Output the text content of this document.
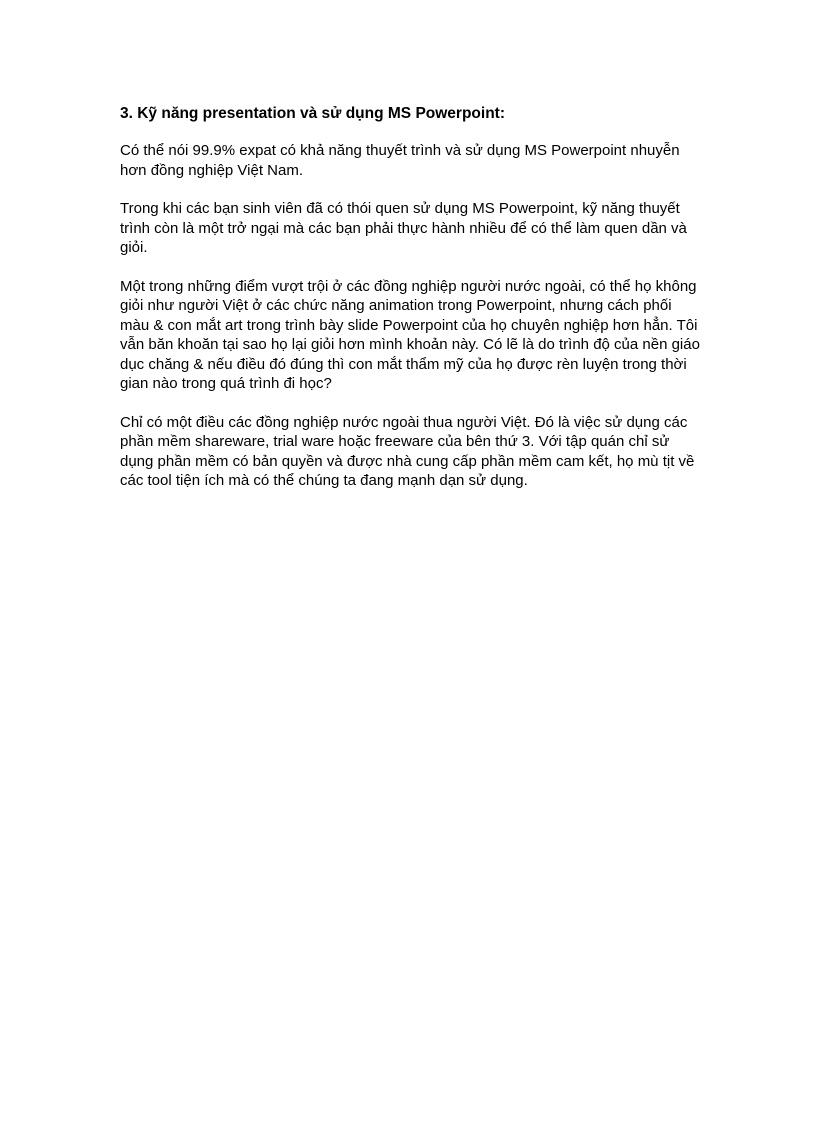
3. Kỹ năng presentation và sử dụng MS Powerpoint:

Có thể nói 99.9% expat có khả năng thuyết trình và sử dụng MS Powerpoint nhuyễn hơn đồng nghiệp Việt Nam.

Trong khi các bạn sinh viên đã có thói quen sử dụng MS Powerpoint, kỹ năng thuyết trình còn là một trở ngại mà các bạn phải thực hành nhiều để có thể làm quen dần và giỏi.

Một trong những điểm vượt trội ở các đồng nghiệp người nước ngoài, có thể họ không giỏi như người Việt ở các chức năng animation trong Powerpoint, nhưng cách phối màu & con mắt art trong trình bày slide Powerpoint của họ chuyên nghiệp hơn hẳn. Tôi vẫn băn khoăn tại sao họ lại giỏi hơn mình khoản này. Có lẽ là do trình độ của nền giáo dục chăng & nếu điều đó đúng thì con mắt thẩm mỹ của họ được rèn luyện trong thời gian nào trong quá trình đi học?

Chỉ có một điều các đồng nghiệp nước ngoài thua người Việt. Đó là việc sử dụng các phần mềm shareware, trial ware hoặc freeware của bên thứ 3. Với tập quán chỉ sử dụng phần mềm có bản quyền và được nhà cung cấp phần mềm cam kết, họ mù tịt về các tool tiện ích mà có thể chúng ta đang mạnh dạn sử dụng.
